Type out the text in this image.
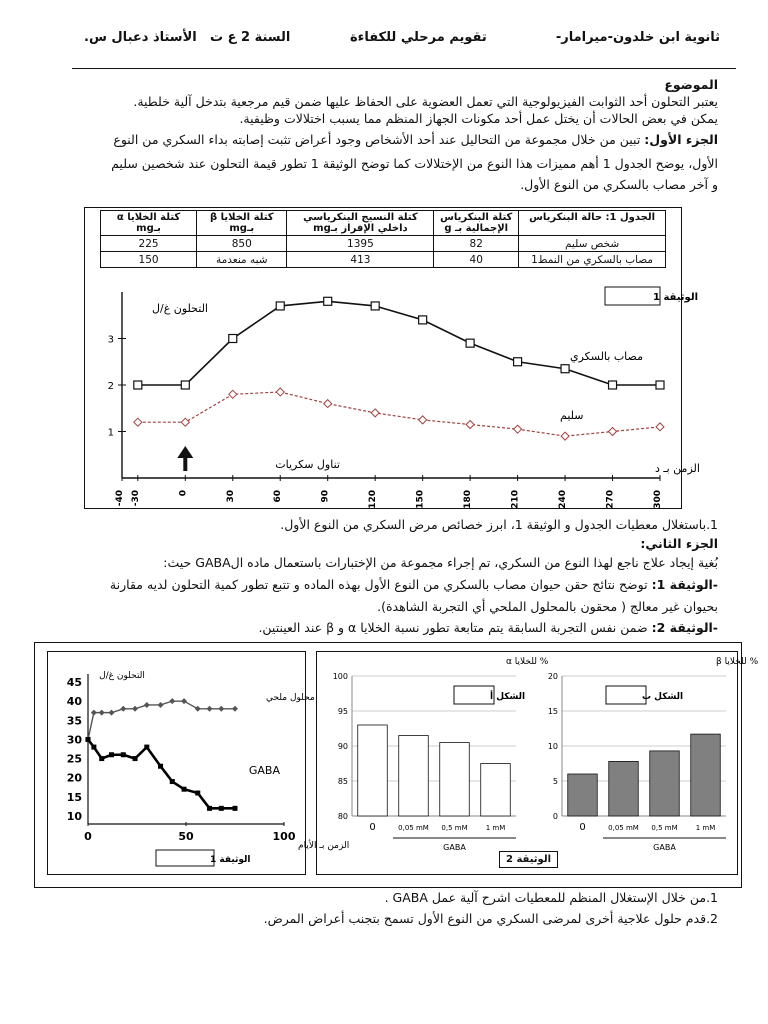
ثانوية ابن خلدون-ميرامار-
تقويم مرحلي للكفاءة
السنة 2 ع ت
الأستاذ دعبال س.
الموضوع
يعتبر التحلون أحد الثوابت الفيزيولوجية التي تعمل العضوية على الحفاظ عليها ضمن قيم مرجعية بتدخل آلية خلطية.
يمكن في بعض الحالات أن يختل عمل أحد مكونات الجهاز المنظم مما يسبب اختلالات وظيفية.
الجزء الأول: تبين من خلال مجموعة من التحاليل عند أحد الأشخاص وجود أعراض تثبت إصابته بداء السكري من النوع
الأول، يوضح الجدول 1 أهم مميزات هذا النوع من الإختلالات كما توضح الوثيقة 1 تطور قيمة التحلون عند شخصين سليم
و آخر مصاب بالسكري من النوع الأول.
الجدول 1: حالة البنكرياس	كتلة البنكرياس الإجمالية بـ g	كتلة النسيج البنكرياسي داخلي الإفراز بـmg	كتلة الخلايا β بـmg	كتلة الخلايا α بـmg
شخص سليم	82	1395	850	225
مصاب بالسكري من النمط1	40	413	شبه منعدمة	150
1
2
3
-40 -30	0	30	60	90	120	150	180	210	240	270	300
التحلون غ/ل
الزمن بـ د
الوثيقة 1
تناول سكريات
مصاب بالسكري
سليم
1.باستغلال معطيات الجدول و الوثيقة 1، ابرز خصائص مرض السكري من النوع الأول.
الجزء الثاني:
بُغية إيجاد علاج ناجع لهذا النوع من السكري، تم إجراء مجموعة من الإختبارات باستعمال ماده الGABA حيث:
-الوثيقة 1: توضح نتائج حقن حيوان مصاب بالسكري من النوع الأول بهذه الماده و تتبع تطور كمية التحلون لديه مقارنة
بحيوان غير معالج ( محقون بالمحلول الملحي أي التجربة الشاهدة).
-الوثيقة 2: ضمن نفس التجربة السابقة يتم متابعة تطور نسبة الخلايا α و β عند العينتين.
10
15
20
25
30
35
40
45
0	50	100
التحلون غ/ل
الزمن بـ الأيام
الوثيقة 1
محلول ملحي
GABA
80
85
90
95
100
0	0,05 mM 0,5 mM	1 mM
GABA
% للخلايا α
الشكل أ
0
5
10
15
20
0	0,05 mM 0,5 mM	1 mM
GABA
% للخلايا β
الشكل ب
الوثيقة 2
1.من خلال الإستغلال المنظم للمعطيات اشرح آلية عمل GABA .
2.قدم حلول علاجية أخرى لمرضى السكري من النوع الأول تسمح بتجنب أعراض المرض.
